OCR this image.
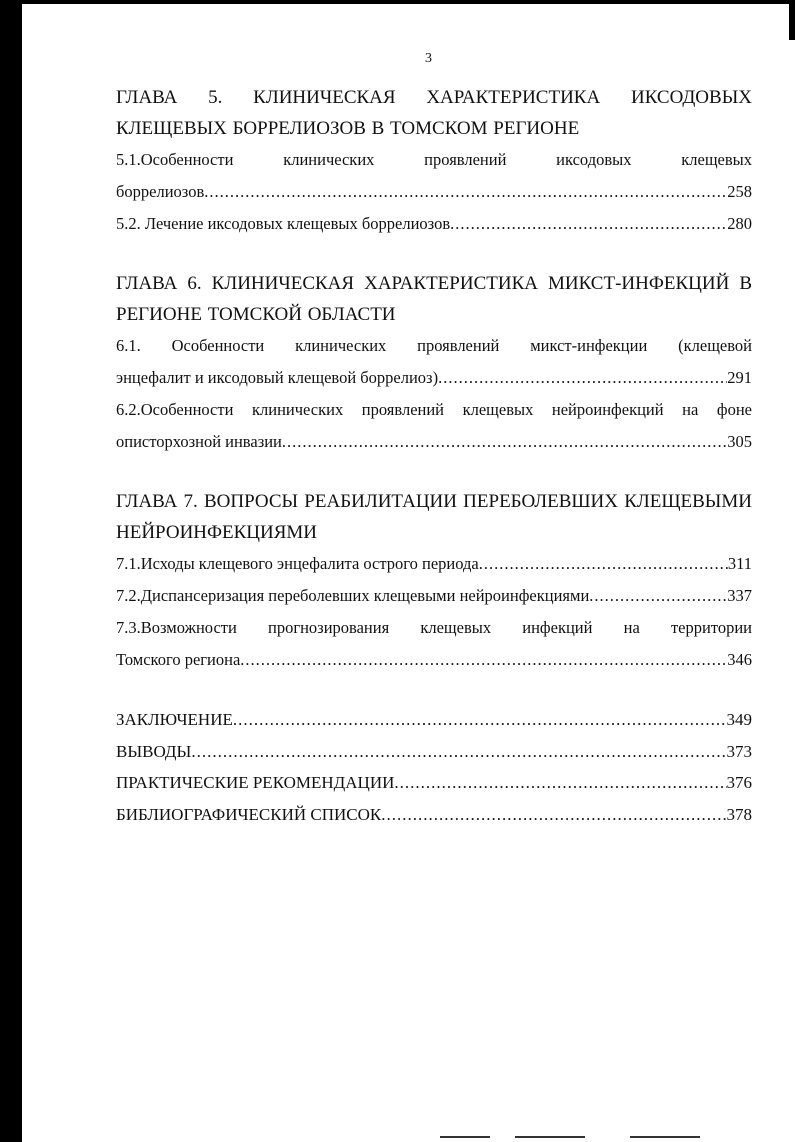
3
ГЛАВА 5. КЛИНИЧЕСКАЯ ХАРАКТЕРИСТИКА ИКСОДОВЫХ
КЛЕЩЕВЫХ БОРРЕЛИОЗОВ В ТОМСКОМ РЕГИОНЕ
5.1.Особенности клинических проявлений иксодовых клещевых
боррелиозов .....	258
5.2. Лечение иксодовых клещевых боррелиозов .....	280
ГЛАВА 6. КЛИНИЧЕСКАЯ ХАРАКТЕРИСТИКА МИКСТ-ИНФЕКЦИЙ В
РЕГИОНЕ ТОМСКОЙ ОБЛАСТИ
6.1. Особенности клинических проявлений микст-инфекции (клещевой
энцефалит и иксодовый клещевой боррелиоз) .....	291
6.2.Особенности клинических проявлений клещевых нейроинфекций на фоне
описторхозной инвазии .....	305
ГЛАВА 7. ВОПРОСЫ РЕАБИЛИТАЦИИ ПЕРЕБОЛЕВШИХ КЛЕЩЕВЫМИ
НЕЙРОИНФЕКЦИЯМИ
7.1.Исходы клещевого энцефалита острого периода .....	311
7.2.Диспансеризация переболевших клещевыми нейроинфекциями .....	337
7.3.Возможности прогнозирования клещевых инфекций на территории
Томского региона .....	346
ЗАКЛЮЧЕНИЕ .....	349
ВЫВОДЫ .....	373
ПРАКТИЧЕСКИЕ РЕКОМЕНДАЦИИ .....	376
БИБЛИОГРАФИЧЕСКИЙ СПИСОК .....	378
